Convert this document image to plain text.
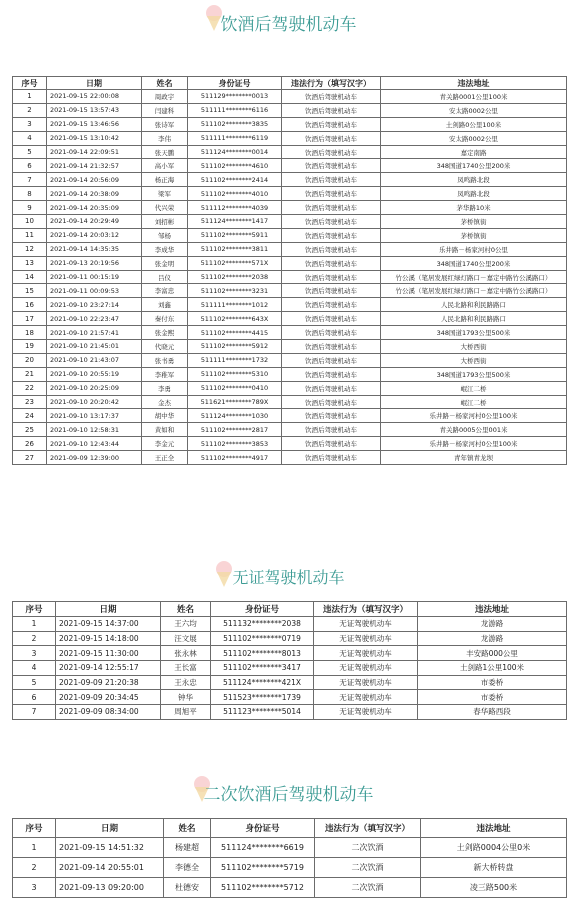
饮酒后驾驶机动车
序号	日期	姓名	身份证号	违法行为（填写汉字）	违法地址
1	2021-09-15 22:00:08	周政宇	511129********0013	饮酒后驾驶机动车	青关路0001公里100米
2	2021-09-15 13:57:43	闫建科	511111********6116	饮酒后驾驶机动车	安太路0002公里
3	2021-09-15 13:46:56	张诗军	511102********3835	饮酒后驾驶机动车	土剑路0公里100米
4	2021-09-15 13:10:42	李伟	511111********6119	饮酒后驾驶机动车	安太路0002公里
5	2021-09-14 22:09:51	张天鹏	511124********0014	饮酒后驾驶机动车	嘉定南路
6	2021-09-14 21:32:57	高小军	511102********4610	饮酒后驾驶机动车	348国道1740公里200米
7	2021-09-14 20:56:09	杨正海	511102********2414	饮酒后驾驶机动车	凤鸣路北段
8	2021-09-14 20:38:09	梁军	511102********4010	饮酒后驾驶机动车	凤鸣路北段
9	2021-09-14 20:35:09	代兴荣	511112********4039	饮酒后驾驶机动车	茅华路10米
10	2021-09-14 20:29:49	刘招彬	511124********1417	饮酒后驾驶机动车	茅桥镇街
11	2021-09-14 20:03:12	邹杨	511102********5911	饮酒后驾驶机动车	茅桥镇街
12	2021-09-14 14:35:35	李成华	511102********3811	饮酒后驾驶机动车	乐井路－杨家河村0公里
13	2021-09-13 20:19:56	张金明	511102********571X	饮酒后驾驶机动车	348国道1740公里200米
14	2021-09-11 00:15:19	吕仪	511102********2038	饮酒后驾驶机动车	竹公溪（笔居发展红绿灯路口－嘉定中路竹公溪路口）
15	2021-09-11 00:09:53	李富忠	511102********3231	饮酒后驾驶机动车	竹公溪（笔居发展红绿灯路口－嘉定中路竹公溪路口）
16	2021-09-10 23:27:14	刘鑫	511111********1012	饮酒后驾驶机动车	人民北路和利民路路口
17	2021-09-10 22:23:47	秦付东	511102********643X	饮酒后驾驶机动车	人民北路和利民路路口
18	2021-09-10 21:57:41	张金熙	511102********4415	饮酒后驾驶机动车	348国道1793公里500米
19	2021-09-10 21:45:01	代晓元	511102********5912	饮酒后驾驶机动车	大桥西街
20	2021-09-10 21:43:07	张书勇	511111********1732	饮酒后驾驶机动车	大桥西街
21	2021-09-10 20:55:19	李稚军	511102********5310	饮酒后驾驶机动车	348国道1793公里500米
22	2021-09-10 20:25:09	李勇	511102********0410	饮酒后驾驶机动车	岷江二桥
23	2021-09-10 20:20:42	金杰	511621********789X	饮酒后驾驶机动车	岷江二桥
24	2021-09-10 13:17:37	胡中华	511124********1030	饮酒后驾驶机动车	乐井路－杨家河村0公里100米
25	2021-09-10 12:58:31	黄如和	511102********2817	饮酒后驾驶机动车	青关路0005公里001米
26	2021-09-10 12:43:44	李金元	511102********3853	饮酒后驾驶机动车	乐井路－杨家河村0公里100米
27	2021-09-09 12:39:00	王正全	511102********4917	饮酒后驾驶机动车	青年镇青龙坝
无证驾驶机动车
序号	日期	姓名	身份证号	违法行为（填写汉字）	违法地址
1	2021-09-15 14:37:00	王六均	511132********2038	无证驾驶机动车	龙游路
2	2021-09-15 14:18:00	汪文展	511102********0719	无证驾驶机动车	龙游路
3	2021-09-15 11:30:00	张永林	511102********8013	无证驾驶机动车	丰安路000公里
4	2021-09-14 12:55:17	王长富	511102********3417	无证驾驶机动车	土剑路1公里100米
5	2021-09-09 21:20:38	王永忠	511124********421X	无证驾驶机动车	市委桥
6	2021-09-09 20:34:45	钟华	511523********1739	无证驾驶机动车	市委桥
7	2021-09-09 08:34:00	周旭平	511123********5014	无证驾驶机动车	春华路西段
二次饮酒后驾驶机动车
序号	日期	姓名	身份证号	违法行为（填写汉字）	违法地址
1	2021-09-15 14:51:32	杨建超	511124********6619	二次饮酒	土剑路0004公里0米
2	2021-09-14 20:55:01	李德全	511102********5719	二次饮酒	新大桥转盘
3	2021-09-13 09:20:00	杜德安	511102********5712	二次饮酒	凌三路500米
